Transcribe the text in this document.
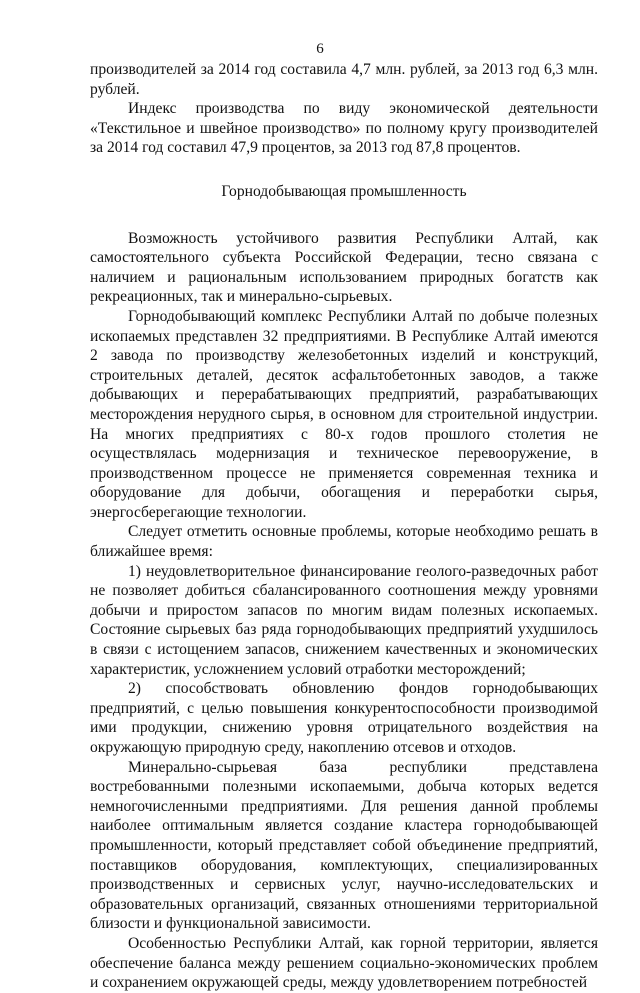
6

производителей за 2014 год составила 4,7 млн. рублей, за 2013 год 6,3 млн. рублей.

Индекс производства по виду экономической деятельности «Текстильное и швейное производство» по полному кругу производителей за 2014 год составил 47,9 процентов, за 2013 год 87,8 процентов.

Горнодобывающая промышленность

Возможность устойчивого развития Республики Алтай, как самостоятельного субъекта Российской Федерации, тесно связана с наличием и рациональным использованием природных богатств как рекреационных, так и минерально-сырьевых.

Горнодобывающий комплекс Республики Алтай по добыче полезных ископаемых представлен 32 предприятиями. В Республике Алтай имеются 2 завода по производству железобетонных изделий и конструкций, строительных деталей, десяток асфальтобетонных заводов, а также добывающих и перерабатывающих предприятий, разрабатывающих месторождения нерудного сырья, в основном для строительной индустрии. На многих предприятиях с 80-х годов прошлого столетия не осуществлялась модернизация и техническое перевооружение, в производственном процессе не применяется современная техника и оборудование для добычи, обогащения и переработки сырья, энергосберегающие технологии.

Следует отметить основные проблемы, которые необходимо решать в ближайшее время:

1) неудовлетворительное финансирование геолого-разведочных работ не позволяет добиться сбалансированного соотношения между уровнями добычи и приростом запасов по многим видам полезных ископаемых. Состояние сырьевых баз ряда горнодобывающих предприятий ухудшилось в связи с истощением запасов, снижением качественных и экономических характеристик, усложнением условий отработки месторождений;

2) способствовать обновлению фондов горнодобывающих предприятий, с целью повышения конкурентоспособности производимой ими продукции, снижению уровня отрицательного воздействия на окружающую природную среду, накоплению отсевов и отходов.

Минерально-сырьевая база республики представлена востребованными полезными ископаемыми, добыча которых ведется немногочисленными предприятиями. Для решения данной проблемы наиболее оптимальным является создание кластера горнодобывающей промышленности, который представляет собой объединение предприятий, поставщиков оборудования, комплектующих, специализированных производственных и сервисных услуг, научно-исследовательских и образовательных организаций, связанных отношениями территориальной близости и функциональной зависимости.

Особенностью Республики Алтай, как горной территории, является обеспечение баланса между решением социально-экономических проблем и сохранением окружающей среды, между удовлетворением потребностей
